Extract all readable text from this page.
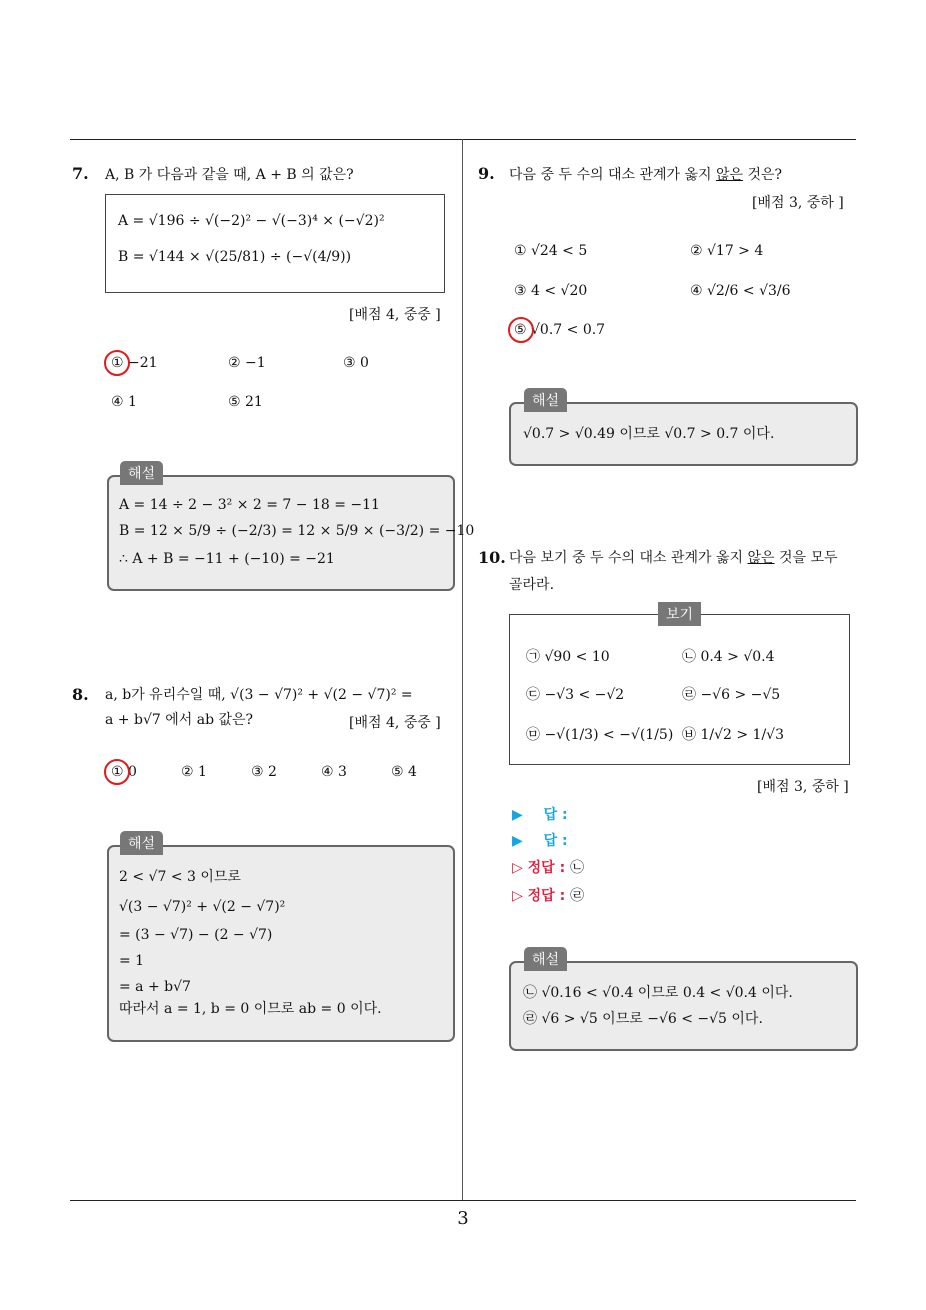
7. A, B 가 다음과 같을 때, A + B 의 값은?
A = √196 ÷ √(−2)² − √(−3)⁴ × (−√2)²
B = √144 × √(25/81) ÷ (−√(4/9))
[배점 4, 중중 ]
① −21	② −1	③ 0
④ 1	⑤ 21
A = 14 ÷ 2 − 3² × 2 = 7 − 18 = −11
B = 12 × 5/9 ÷ (−2/3) = 12 × 5/9 × (−3/2) = −10
∴ A + B = −11 + (−10) = −21
해설
8. a, b가 유리수일 때, √(3 − √7)² + √(2 − √7)² =
a + b√7 에서 ab 값은?	[배점 4, 중중 ]
① 0	② 1	③ 2	④ 3	⑤ 4
2 < √7 < 3 이므로
√(3 − √7)² + √(2 − √7)²
= (3 − √7) − (2 − √7)
= 1
= a + b√7
따라서 a = 1, b = 0 이므로 ab = 0 이다.
해설
9. 다음 중 두 수의 대소 관계가 옳지 않은 것은?
[배점 3, 중하 ]
① √24 < 5	② √17 > 4
③ 4 < √20	④ √2/6 < √3/6
⑤ √0.7 < 0.7
√0.7 > √0.49 이므로 √0.7 > 0.7 이다.
해설
10. 다음 보기 중 두 수의 대소 관계가 옳지 않은 것을 모두
골라라.
㉠ √90 < 10	㉡ 0.4 > √0.4
㉢ −√3 < −√2	㉣ −√6 > −√5
㉤ −√(1/3) < −√(1/5) ㉥ 1/√2 > 1/√3
보기
[배점 3, 중하 ]
▶ 답 :
▶ 답 :
▷ 정답 : ㉡
▷ 정답 : ㉣
㉡ √0.16 < √0.4 이므로 0.4 < √0.4 이다.
㉣ √6 > √5 이므로 −√6 < −√5 이다.
해설
3
